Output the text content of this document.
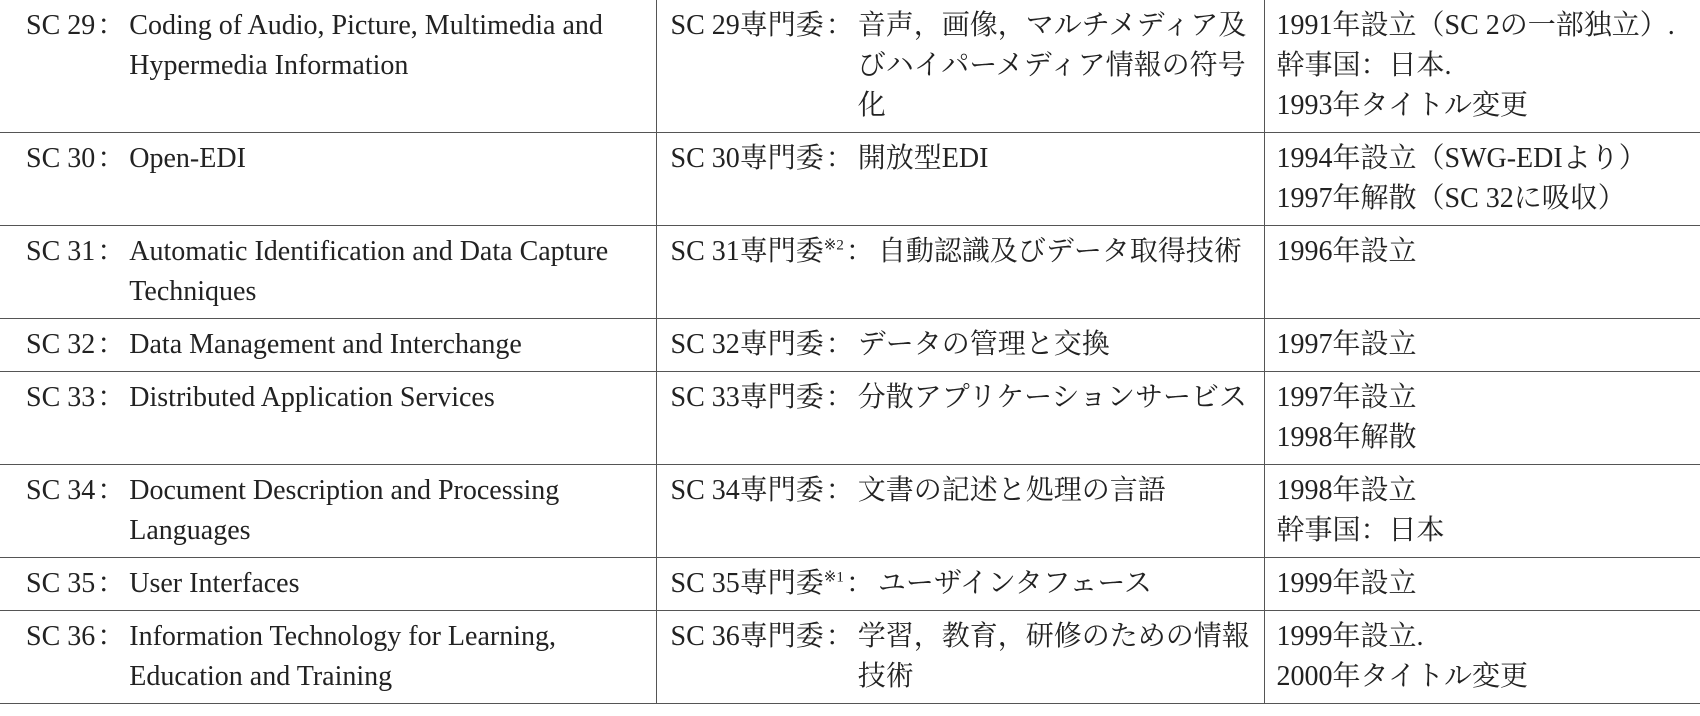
SC 29 ： Coding of Audio, Picture, Multimedia and Hypermedia Information	SC 29専門委 ： 音声，画像，マルチメディア及びハイパーメディア情報の符号化	1991年設立（SC 2の一部独立）.
幹事国：日本.
1993年タイトル変更

SC 30 ： Open-EDI	SC 30専門委 ： 開放型EDI	1994年設立（SWG-EDIより）
1997年解散（SC 32に吸収）

SC 31 ： Automatic Identification and Data Capture Techniques	SC 31専門委$^{※2}$ ： 自動認識及びデータ取得技術	1996年設立

SC 32 ： Data Management and Interchange	SC 32専門委 ： データの管理と交換	1997年設立

SC 33 ： Distributed Application Services	SC 33専門委 ： 分散アプリケーションサービス	1997年設立
1998年解散

SC 34 ： Document Description and Processing Languages	SC 34専門委 ： 文書の記述と処理の言語	1998年設立
幹事国：日本

SC 35 ： User Interfaces	SC 35専門委$^{※1}$ ： ユーザインタフェース	1999年設立

SC 36 ： Information Technology for Learning, Education and Training	SC 36専門委 ： 学習，教育，研修のための情報技術	1999年設立.
2000年タイトル変更
